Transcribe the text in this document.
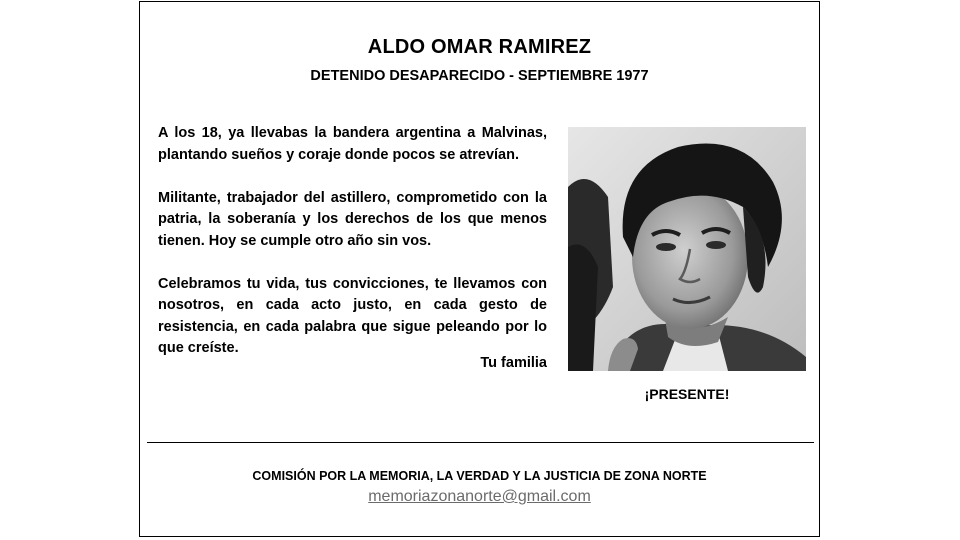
ALDO OMAR RAMIREZ
DETENIDO DESAPARECIDO - SEPTIEMBRE 1977

A los 18, ya llevabas la bandera argentina a Malvinas, plantando sueños y coraje donde pocos se atrevían.

Militante, trabajador del astillero, comprometido con la patria, la soberanía y los derechos de los que menos tienen. Hoy se cumple otro año sin vos.

Celebramos tu vida, tus convicciones, te llevamos con nosotros, en cada acto justo, en cada gesto de resistencia, en cada palabra que sigue peleando por lo que creíste.

Tu familia
¡PRESENTE!
COMISIÓN POR LA MEMORIA, LA VERDAD Y LA JUSTICIA DE ZONA NORTE
memoriazonanorte@gmail.com
